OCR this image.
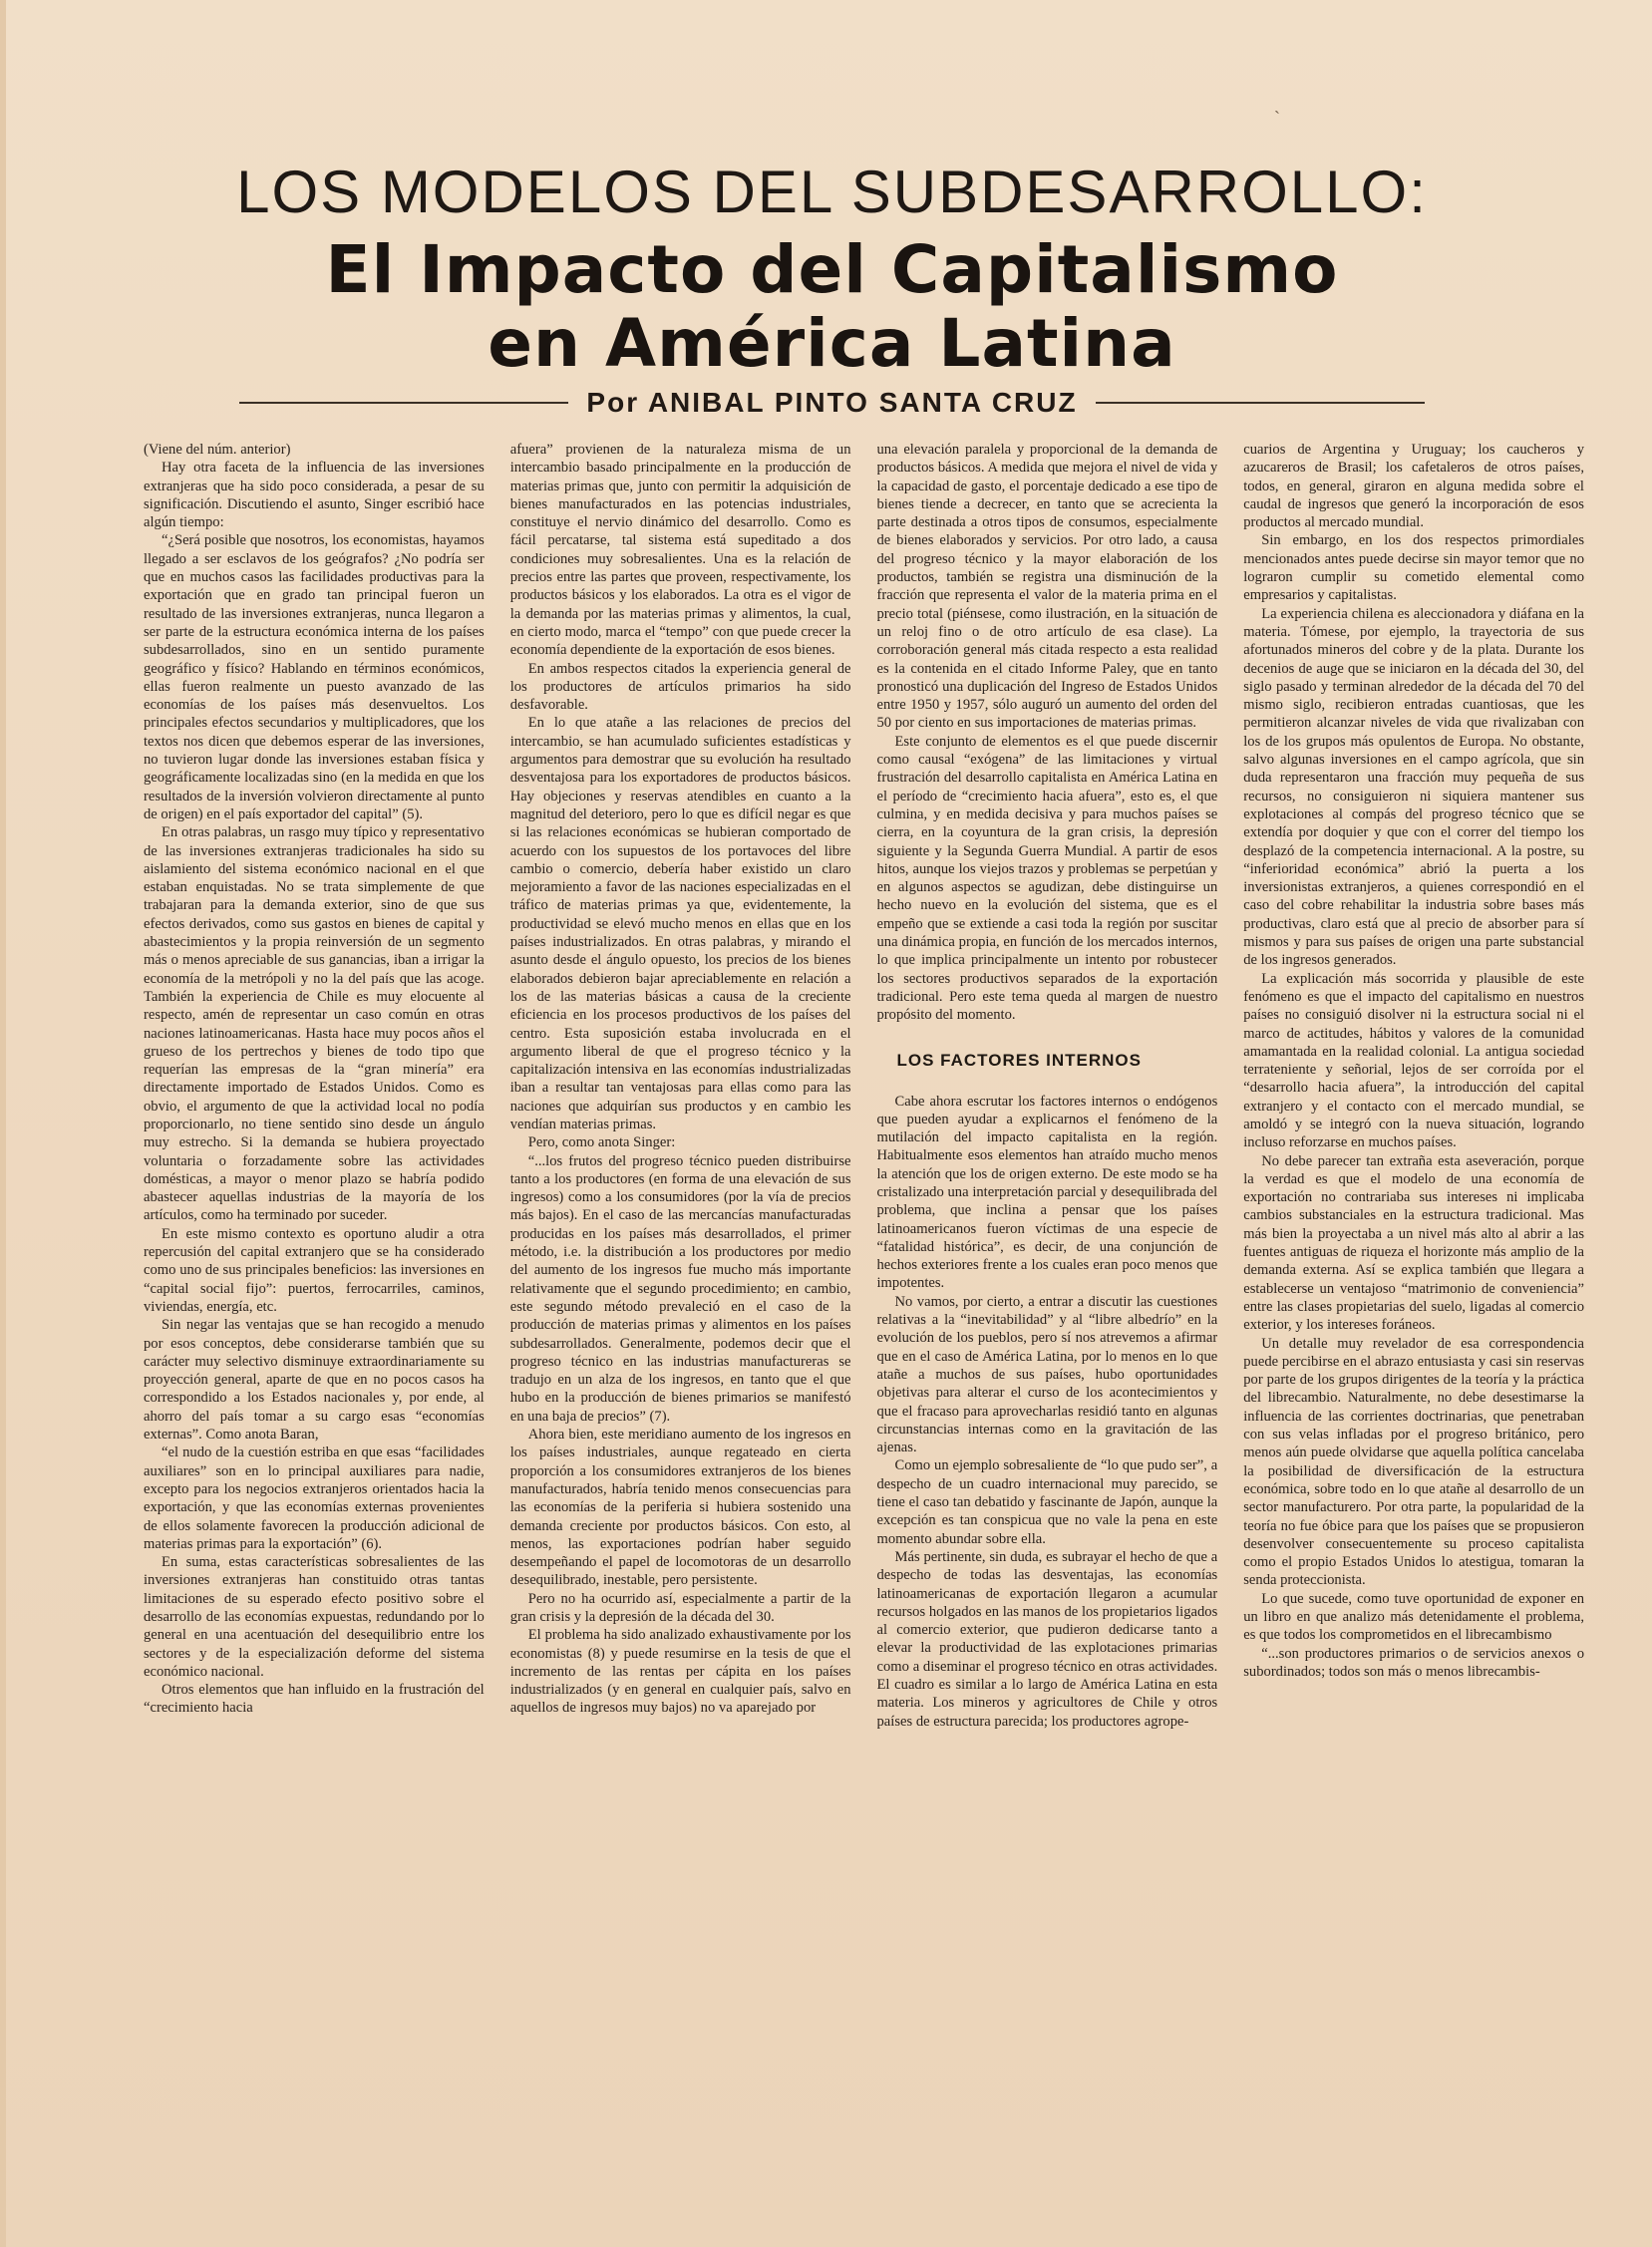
ˋ
LOS MODELOS DEL SUBDESARROLLO:
El Impacto del Capitalismo
en América Latina
Por ANIBAL PINTO SANTA CRUZ

(Viene del núm. anterior)

Hay otra faceta de la influencia de las inversiones extranjeras que ha sido poco considerada, a pesar de su significación. Discutiendo el asunto, Singer escribió hace algún tiempo:

“¿Será posible que nosotros, los economistas, hayamos llegado a ser esclavos de los geógrafos? ¿No podría ser que en muchos casos las facilidades productivas para la exportación que en grado tan principal fueron un resultado de las inversiones extranjeras, nunca llegaron a ser parte de la estructura económica interna de los países subdesarrollados, sino en un sentido puramente geográfico y físico? Hablando en términos económicos, ellas fueron realmente un puesto avanzado de las economías de los países más desenvueltos. Los principales efectos secundarios y multiplicadores, que los textos nos dicen que debemos esperar de las inversiones, no tuvieron lugar donde las inversiones estaban física y geográficamente localizadas sino (en la medida en que los resultados de la inversión volvieron directamente al punto de origen) en el país exportador del capital” (5).

En otras palabras, un rasgo muy típico y representativo de las inversiones extranjeras tradicionales ha sido su aislamiento del sistema económico nacional en el que estaban enquistadas. No se trata simplemente de que trabajaran para la demanda exterior, sino de que sus efectos derivados, como sus gastos en bienes de capital y abastecimientos y la propia reinversión de un segmento más o menos apreciable de sus ganancias, iban a irrigar la economía de la metrópoli y no la del país que las acoge. También la experiencia de Chile es muy elocuente al respecto, amén de representar un caso común en otras naciones latinoamericanas. Hasta hace muy pocos años el grueso de los pertrechos y bienes de todo tipo que requerían las empresas de la “gran minería” era directamente importado de Estados Unidos. Como es obvio, el argumento de que la actividad local no podía proporcionarlo, no tiene sentido sino desde un ángulo muy estrecho. Si la demanda se hubiera proyectado voluntaria o forzadamente sobre las actividades domésticas, a mayor o menor plazo se habría podido abastecer aquellas industrias de la mayoría de los artículos, como ha terminado por suceder.

En este mismo contexto es oportuno aludir a otra repercusión del capital extranjero que se ha considerado como uno de sus principales beneficios: las inversiones en “capital social fijo”: puertos, ferrocarriles, caminos, viviendas, energía, etc.

Sin negar las ventajas que se han recogido a menudo por esos conceptos, debe considerarse también que su carácter muy selectivo disminuye extraordinariamente su proyección general, aparte de que en no pocos casos ha correspondido a los Estados nacionales y, por ende, al ahorro del país tomar a su cargo esas “economías externas”. Como anota Baran,

“el nudo de la cuestión estriba en que esas “facilidades auxiliares” son en lo principal auxiliares para nadie, excepto para los negocios extranjeros orientados hacia la exportación, y que las economías externas provenientes de ellos solamente favorecen la producción adicional de materias primas para la exportación” (6).

En suma, estas características sobresalientes de las inversiones extranjeras han constituido otras tantas limitaciones de su esperado efecto positivo sobre el desarrollo de las economías expuestas, redundando por lo general en una acentuación del desequilibrio entre los sectores y de la especialización deforme del sistema económico nacional.

Otros elementos que han influido en la frustración del “crecimiento hacia

afuera” provienen de la naturaleza misma de un intercambio basado principalmente en la producción de materias primas que, junto con permitir la adquisición de bienes manufacturados en las potencias industriales, constituye el nervio dinámico del desarrollo. Como es fácil percatarse, tal sistema está supeditado a dos condiciones muy sobresalientes. Una es la relación de precios entre las partes que proveen, respectivamente, los productos básicos y los elaborados. La otra es el vigor de la demanda por las materias primas y alimentos, la cual, en cierto modo, marca el “tempo” con que puede crecer la economía dependiente de la exportación de esos bienes.

En ambos respectos citados la experiencia general de los productores de artículos primarios ha sido desfavorable.

En lo que atañe a las relaciones de precios del intercambio, se han acumulado suficientes estadísticas y argumentos para demostrar que su evolución ha resultado desventajosa para los exportadores de productos básicos. Hay objeciones y reservas atendibles en cuanto a la magnitud del deterioro, pero lo que es difícil negar es que si las relaciones económicas se hubieran comportado de acuerdo con los supuestos de los portavoces del libre cambio o comercio, debería haber existido un claro mejoramiento a favor de las naciones especializadas en el tráfico de materias primas ya que, evidentemente, la productividad se elevó mucho menos en ellas que en los países industrializados. En otras palabras, y mirando el asunto desde el ángulo opuesto, los precios de los bienes elaborados debieron bajar apreciablemente en relación a los de las materias básicas a causa de la creciente eficiencia en los procesos productivos de los países del centro. Esta suposición estaba involucrada en el argumento liberal de que el progreso técnico y la capitalización intensiva en las economías industrializadas iban a resultar tan ventajosas para ellas como para las naciones que adquirían sus productos y en cambio les vendían materias primas.

Pero, como anota Singer:

“...los frutos del progreso técnico pueden distribuirse tanto a los productores (en forma de una elevación de sus ingresos) como a los consumidores (por la vía de precios más bajos). En el caso de las mercancías manufacturadas producidas en los países más desarrollados, el primer método, i.e. la distribución a los productores por medio del aumento de los ingresos fue mucho más importante relativamente que el segundo procedimiento; en cambio, este segundo método prevaleció en el caso de la producción de materias primas y alimentos en los países subdesarrollados. Generalmente, podemos decir que el progreso técnico en las industrias manufactureras se tradujo en un alza de los ingresos, en tanto que el que hubo en la producción de bienes primarios se manifestó en una baja de precios” (7).

Ahora bien, este meridiano aumento de los ingresos en los países industriales, aunque regateado en cierta proporción a los consumidores extranjeros de los bienes manufacturados, habría tenido menos consecuencias para las economías de la periferia si hubiera sostenido una demanda creciente por productos básicos. Con esto, al menos, las exportaciones podrían haber seguido desempeñando el papel de locomotoras de un desarrollo desequilibrado, inestable, pero persistente.

Pero no ha ocurrido así, especialmente a partir de la gran crisis y la depresión de la década del 30.

El problema ha sido analizado exhaustivamente por los economistas (8) y puede resumirse en la tesis de que el incremento de las rentas per cápita en los países industrializados (y en general en cualquier país, salvo en aquellos de ingresos muy bajos) no va aparejado por

una elevación paralela y proporcional de la demanda de productos básicos. A medida que mejora el nivel de vida y la capacidad de gasto, el porcentaje dedicado a ese tipo de bienes tiende a decrecer, en tanto que se acrecienta la parte destinada a otros tipos de consumos, especialmente de bienes elaborados y servicios. Por otro lado, a causa del progreso técnico y la mayor elaboración de los productos, también se registra una disminución de la fracción que representa el valor de la materia prima en el precio total (piénsese, como ilustración, en la situación de un reloj fino o de otro artículo de esa clase). La corroboración general más citada respecto a esta realidad es la contenida en el citado Informe Paley, que en tanto pronosticó una duplicación del Ingreso de Estados Unidos entre 1950 y 1957, sólo auguró un aumento del orden del 50 por ciento en sus importaciones de materias primas.

Este conjunto de elementos es el que puede discernir como causal “exógena” de las limitaciones y virtual frustración del desarrollo capitalista en América Latina en el período de “crecimiento hacia afuera”, esto es, el que culmina, y en medida decisiva y para muchos países se cierra, en la coyuntura de la gran crisis, la depresión siguiente y la Segunda Guerra Mundial. A partir de esos hitos, aunque los viejos trazos y problemas se perpetúan y en algunos aspectos se agudizan, debe distinguirse un hecho nuevo en la evolución del sistema, que es el empeño que se extiende a casi toda la región por suscitar una dinámica propia, en función de los mercados internos, lo que implica principalmente un intento por robustecer los sectores productivos separados de la exportación tradicional. Pero este tema queda al margen de nuestro propósito del momento.

LOS FACTORES INTERNOS

Cabe ahora escrutar los factores internos o endógenos que pueden ayudar a explicarnos el fenómeno de la mutilación del impacto capitalista en la región. Habitualmente esos elementos han atraído mucho menos la atención que los de origen externo. De este modo se ha cristalizado una interpretación parcial y desequilibrada del problema, que inclina a pensar que los países latinoamericanos fueron víctimas de una especie de “fatalidad histórica”, es decir, de una conjunción de hechos exteriores frente a los cuales eran poco menos que impotentes.

No vamos, por cierto, a entrar a discutir las cuestiones relativas a la “inevitabilidad” y al “libre albedrío” en la evolución de los pueblos, pero sí nos atrevemos a afirmar que en el caso de América Latina, por lo menos en lo que atañe a muchos de sus países, hubo oportunidades objetivas para alterar el curso de los acontecimientos y que el fracaso para aprovecharlas residió tanto en algunas circunstancias internas como en la gravitación de las ajenas.

Como un ejemplo sobresaliente de “lo que pudo ser”, a despecho de un cuadro internacional muy parecido, se tiene el caso tan debatido y fascinante de Japón, aunque la excepción es tan conspicua que no vale la pena en este momento abundar sobre ella.

Más pertinente, sin duda, es subrayar el hecho de que a despecho de todas las desventajas, las economías latinoamericanas de exportación llegaron a acumular recursos holgados en las manos de los propietarios ligados al comercio exterior, que pudieron dedicarse tanto a elevar la productividad de las explotaciones primarias como a diseminar el progreso técnico en otras actividades. El cuadro es similar a lo largo de América Latina en esta materia. Los mineros y agricultores de Chile y otros países de estructura parecida; los productores agrope-

cuarios de Argentina y Uruguay; los caucheros y azucareros de Brasil; los cafetaleros de otros países, todos, en general, giraron en alguna medida sobre el caudal de ingresos que generó la incorporación de esos productos al mercado mundial.

Sin embargo, en los dos respectos primordiales mencionados antes puede decirse sin mayor temor que no lograron cumplir su cometido elemental como empresarios y capitalistas.

La experiencia chilena es aleccionadora y diáfana en la materia. Tómese, por ejemplo, la trayectoria de sus afortunados mineros del cobre y de la plata. Durante los decenios de auge que se iniciaron en la década del 30, del siglo pasado y terminan alrededor de la década del 70 del mismo siglo, recibieron entradas cuantiosas, que les permitieron alcanzar niveles de vida que rivalizaban con los de los grupos más opulentos de Europa. No obstante, salvo algunas inversiones en el campo agrícola, que sin duda representaron una fracción muy pequeña de sus recursos, no consiguieron ni siquiera mantener sus explotaciones al compás del progreso técnico que se extendía por doquier y que con el correr del tiempo los desplazó de la competencia internacional. A la postre, su “inferioridad económica” abrió la puerta a los inversionistas extranjeros, a quienes correspondió en el caso del cobre rehabilitar la industria sobre bases más productivas, claro está que al precio de absorber para sí mismos y para sus países de origen una parte substancial de los ingresos generados.

La explicación más socorrida y plausible de este fenómeno es que el impacto del capitalismo en nuestros países no consiguió disolver ni la estructura social ni el marco de actitudes, hábitos y valores de la comunidad amamantada en la realidad colonial. La antigua sociedad terrateniente y señorial, lejos de ser corroída por el “desarrollo hacia afuera”, la introducción del capital extranjero y el contacto con el mercado mundial, se amoldó y se integró con la nueva situación, logrando incluso reforzarse en muchos países.

No debe parecer tan extraña esta aseveración, porque la verdad es que el modelo de una economía de exportación no contrariaba sus intereses ni implicaba cambios substanciales en la estructura tradicional. Mas más bien la proyectaba a un nivel más alto al abrir a las fuentes antiguas de riqueza el horizonte más amplio de la demanda externa. Así se explica también que llegara a establecerse un ventajoso “matrimonio de conveniencia” entre las clases propietarias del suelo, ligadas al comercio exterior, y los intereses foráneos.

Un detalle muy revelador de esa correspondencia puede percibirse en el abrazo entusiasta y casi sin reservas por parte de los grupos dirigentes de la teoría y la práctica del librecambio. Naturalmente, no debe desestimarse la influencia de las corrientes doctrinarias, que penetraban con sus velas infladas por el progreso británico, pero menos aún puede olvidarse que aquella política cancelaba la posibilidad de diversificación de la estructura económica, sobre todo en lo que atañe al desarrollo de un sector manufacturero. Por otra parte, la popularidad de la teoría no fue óbice para que los países que se propusieron desenvolver consecuentemente su proceso capitalista como el propio Estados Unidos lo atestigua, tomaran la senda proteccionista.

Lo que sucede, como tuve oportunidad de exponer en un libro en que analizo más detenidamente el problema, es que todos los comprometidos en el librecambismo

“...son productores primarios o de servicios anexos o subordinados; todos son más o menos librecambis-
